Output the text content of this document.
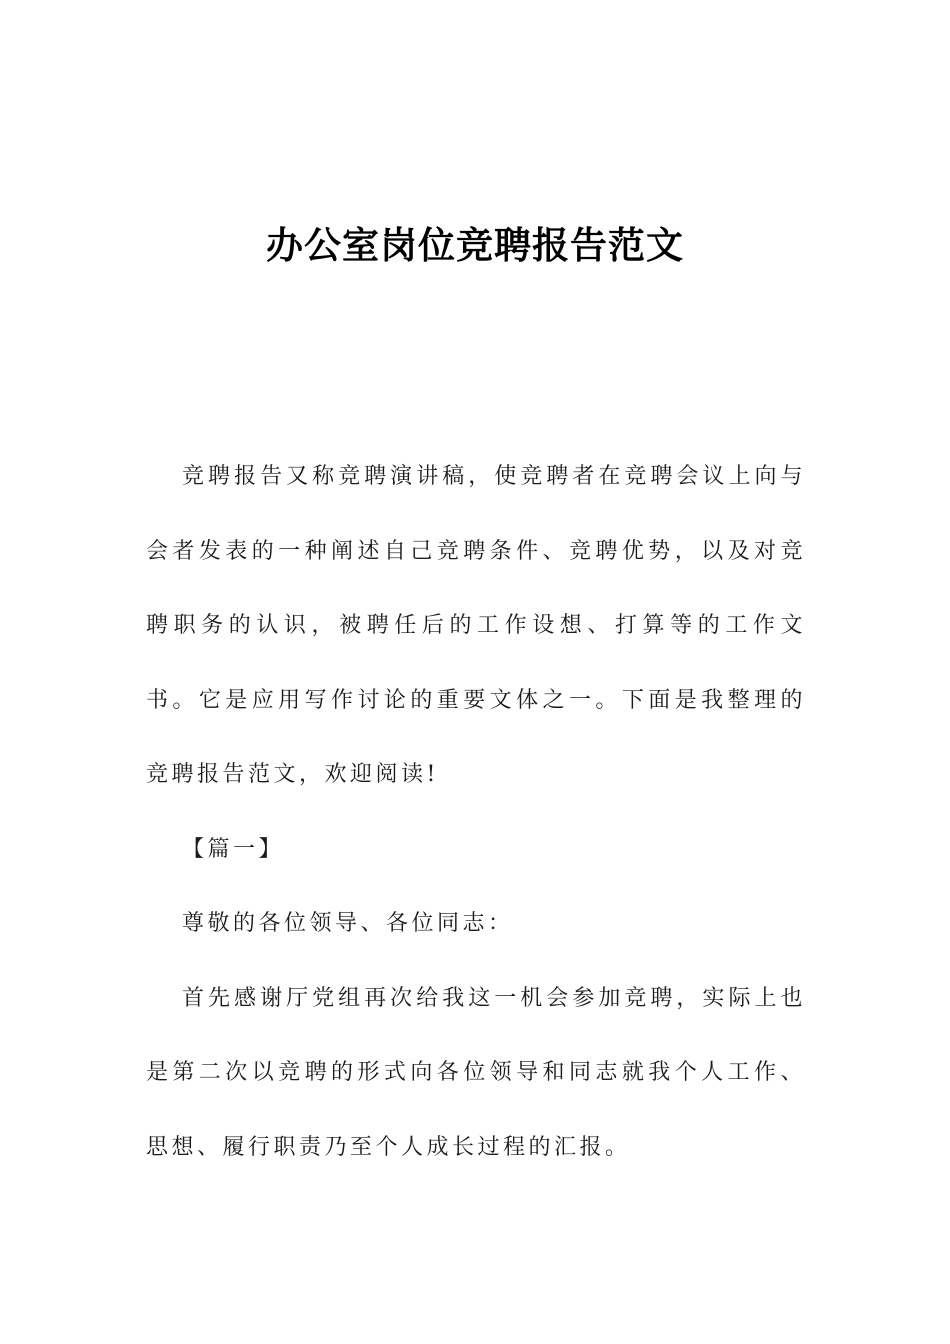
办公室岗位竞聘报告范文

竞聘报告又称竞聘演讲稿，使竞聘者在竞聘会议上向与会者发表的一种阐述自己竞聘条件、竞聘优势，以及对竞聘职务的认识，被聘任后的工作设想、打算等的工作文书。它是应用写作讨论的重要文体之一。下面是我整理的竞聘报告范文，欢迎阅读!

【篇一】

尊敬的各位领导、各位同志：

首先感谢厅党组再次给我这一机会参加竞聘，实际上也是第二次以竞聘的形式向各位领导和同志就我个人工作、思想、履行职责乃至个人成长过程的汇报。
